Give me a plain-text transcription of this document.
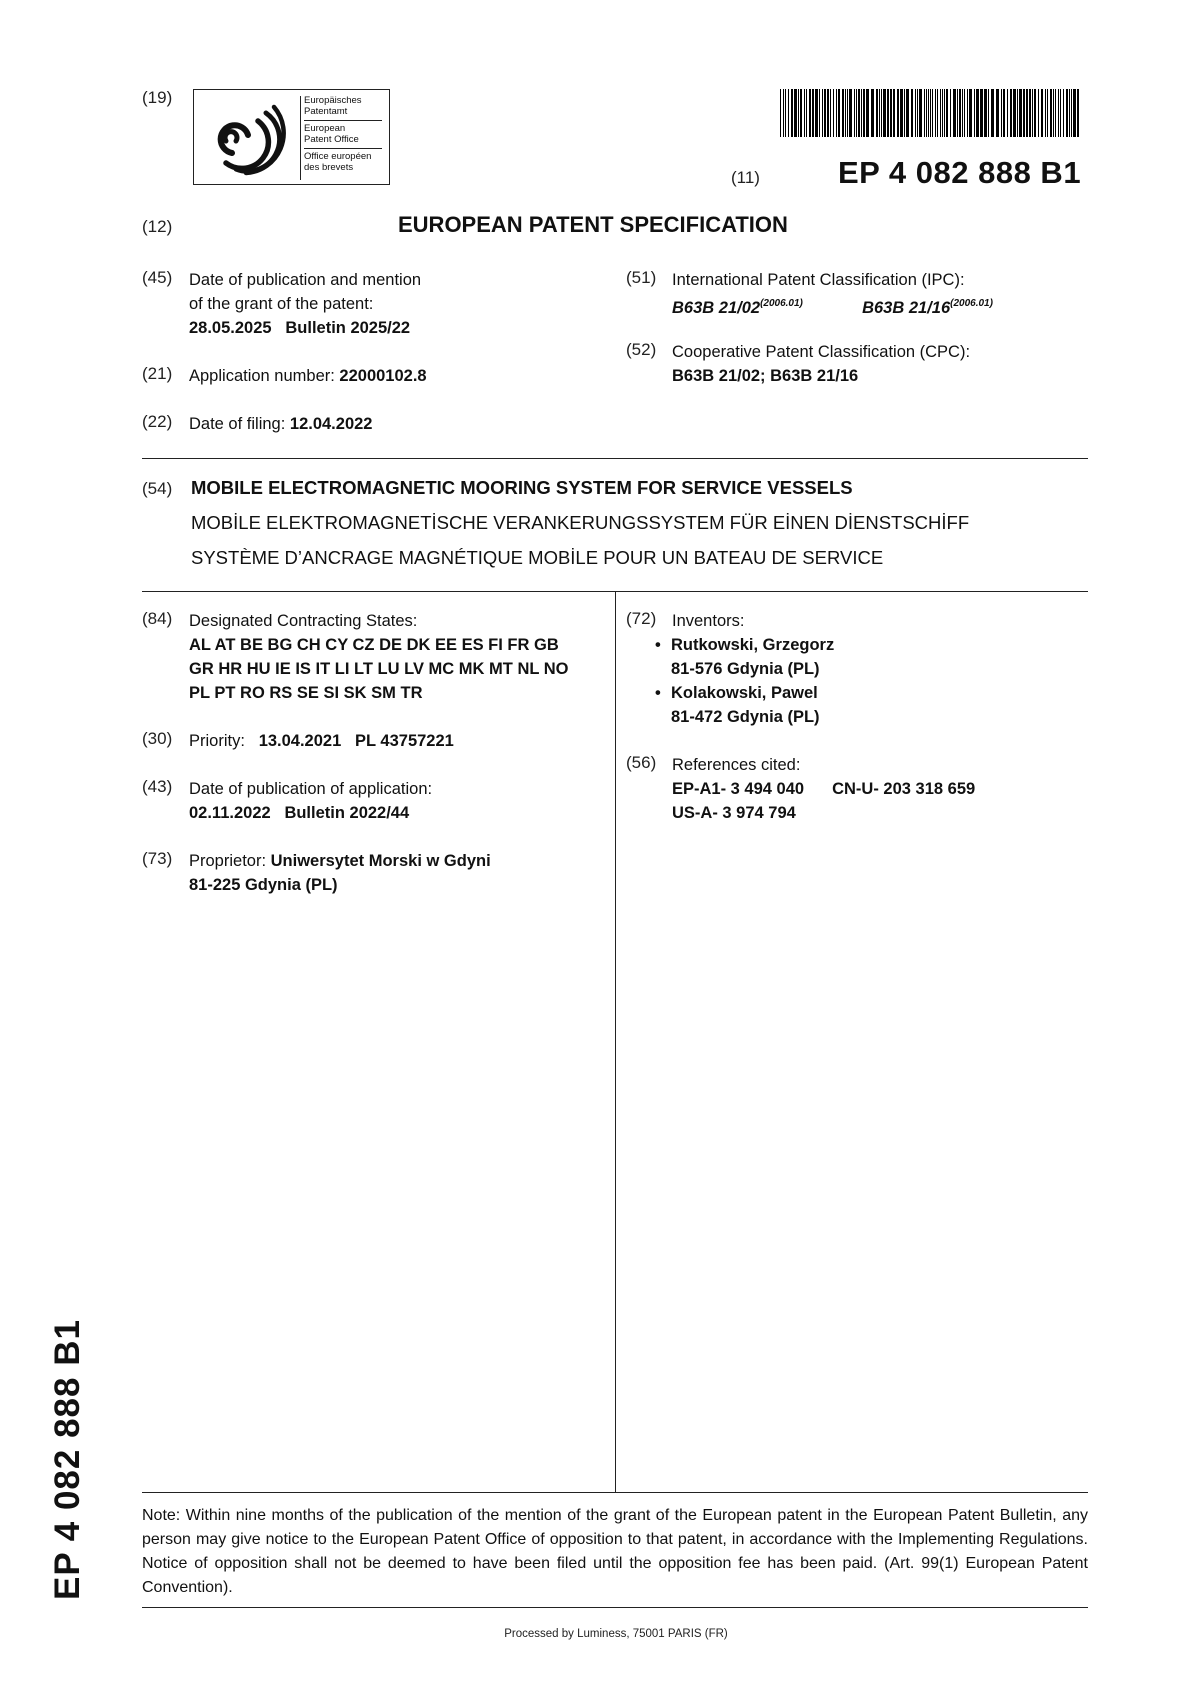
(19)	Europäisches
Patentamt
European
Patent Office
Office européen
des brevets
(11)	EP 4 082 888 B1
(12)	EUROPEAN PATENT SPECIFICATION
(45) Date of publication and mention
of the grant of the patent:
28.05.2025 Bulletin 2025/22
(21) Application number: 22000102.8
(22) Date of filing: 12.04.2022
(51) International Patent Classification (IPC):
B63B $21/02^{(2006.01)}$	B63B $21/16^{(2006.01)}$
(52) Cooperative Patent Classification (CPC):
B63B 21/02; B63B 21/16
(54) MOBILE ELECTROMAGNETIC MOORING SYSTEM FOR SERVICE VESSELS
MOBİLE ELEKTROMAGNETİSCHE VERANKERUNGSSYSTEM FÜR EİNEN DİENSTSCHİFF
SYSTÈME D’ANCRAGE MAGNÉTIQUE MOBİLE POUR UN BATEAU DE SERVICE
(84) Designated Contracting States:
AL AT BE BG CH CY CZ DE DK EE ES FI FR GB
GR HR HU IE IS IT LI LT LU LV MC MK MT NL NO
PL PT RO RS SE SI SK SM TR
(30) Priority: 13.04.2021 PL 43757221
(43) Date of publication of application:
02.11.2022 Bulletin 2022/44
(73) Proprietor: Uniwersytet Morski w Gdyni
81-225 Gdynia (PL)
(72) Inventors:
• Rutkowski, Grzegorz
81-576 Gdynia (PL)
• Kolakowski, Pawel
81-472 Gdynia (PL)
(56) References cited:
EP-A1- 3 494 040 CN-U- 203 318 659
US-A- 3 974 794
Note: Within nine months of the publication of the mention of the grant of the European patent in the European Patent Bulletin, any person may give notice to the European Patent Office of opposition to that patent, in accordance with the Implementing Regulations. Notice of opposition shall not be deemed to have been filed until the opposition fee has been paid. (Art. 99(1) European Patent Convention).
Processed by Luminess, 75001 PARIS (FR)
EP 4 082 888 B1
